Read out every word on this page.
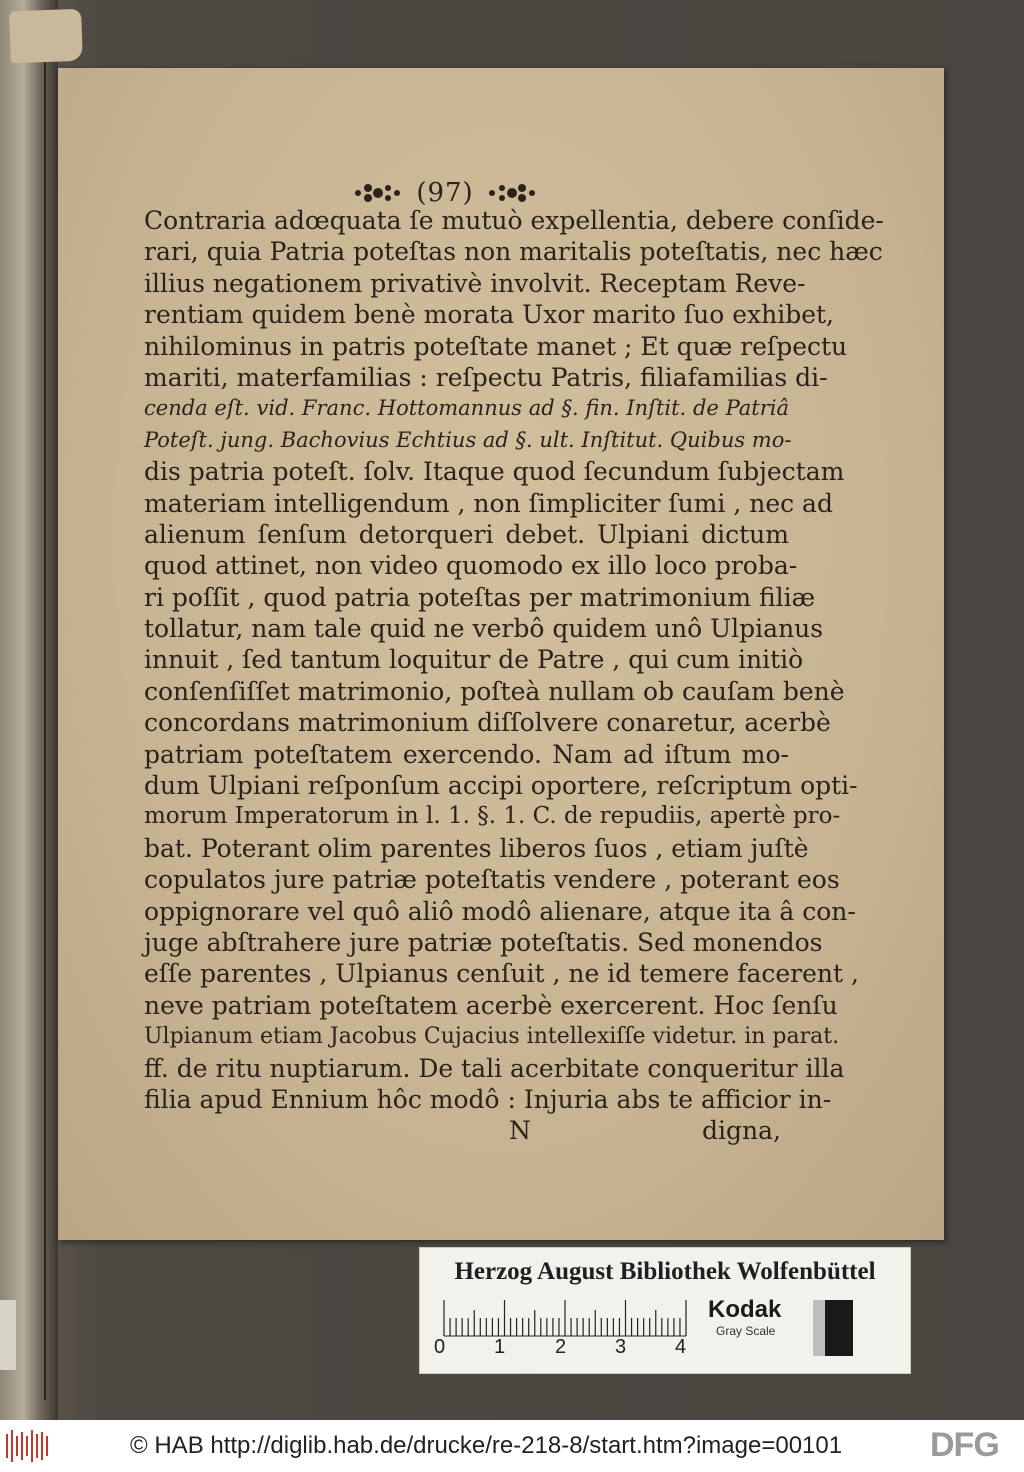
(97)
Contraria adœquata ſe mutuò expellentia, debere conſide-
rari, quia Patria poteſtas non maritalis poteſtatis, nec hæc
illius negationem privativè involvit. Receptam Reve-
rentiam quidem benè morata Uxor marito ſuo exhibet,
nihilominus in patris poteſtate manet ; Et quæ reſpectu
mariti, materfamilias : reſpectu Patris, filiafamilias di-
cenda eſt. vid. Franc. Hottomannus ad §. fin. Inſtit. de Patriâ
Poteſt. jung. Bachovius Echtius ad §. ult. Inſtitut. Quibus mo-
dis patria poteſt. ſolv. Itaque quod ſecundum ſubjectam
materiam intelligendum , non ſimpliciter ſumi , nec ad
alienum ſenſum detorqueri debet. Ulpiani dictum
quod attinet, non video quomodo ex illo loco proba-
ri poſſit , quod patria poteſtas per matrimonium filiæ
tollatur, nam tale quid ne verbô quidem unô Ulpianus
innuit , ſed tantum loquitur de Patre , qui cum initiò
conſenſiſſet matrimonio, poſteà nullam ob cauſam benè
concordans matrimonium diſſolvere conaretur, acerbè
patriam poteſtatem exercendo. Nam ad iſtum mo-
dum Ulpiani reſponſum accipi oportere, reſcriptum opti-
morum Imperatorum in l. 1. §. 1. C. de repudiis, apertè pro-
bat. Poterant olim parentes liberos ſuos , etiam juſtè
copulatos jure patriæ poteſtatis vendere , poterant eos
oppignorare vel quô aliô modô alienare, atque ita â con-
juge abſtrahere jure patriæ poteſtatis. Sed monendos
eſſe parentes , Ulpianus cenſuit , ne id temere facerent ,
neve patriam poteſtatem acerbè exercerent. Hoc ſenſu
Ulpianum etiam Jacobus Cujacius intellexiſſe videtur. in parat.
ff. de ritu nuptiarum. De tali acerbitate conqueritur illa
filia apud Ennium hôc modô : Injuria abs te afficior in-
N	digna,
Herzog August Bibliothek Wolfenbüttel
0 1 2 3 4
Kodak
Gray Scale
© HAB http://diglib.hab.de/drucke/re-218-8/start.htm?image=00101	DFG
